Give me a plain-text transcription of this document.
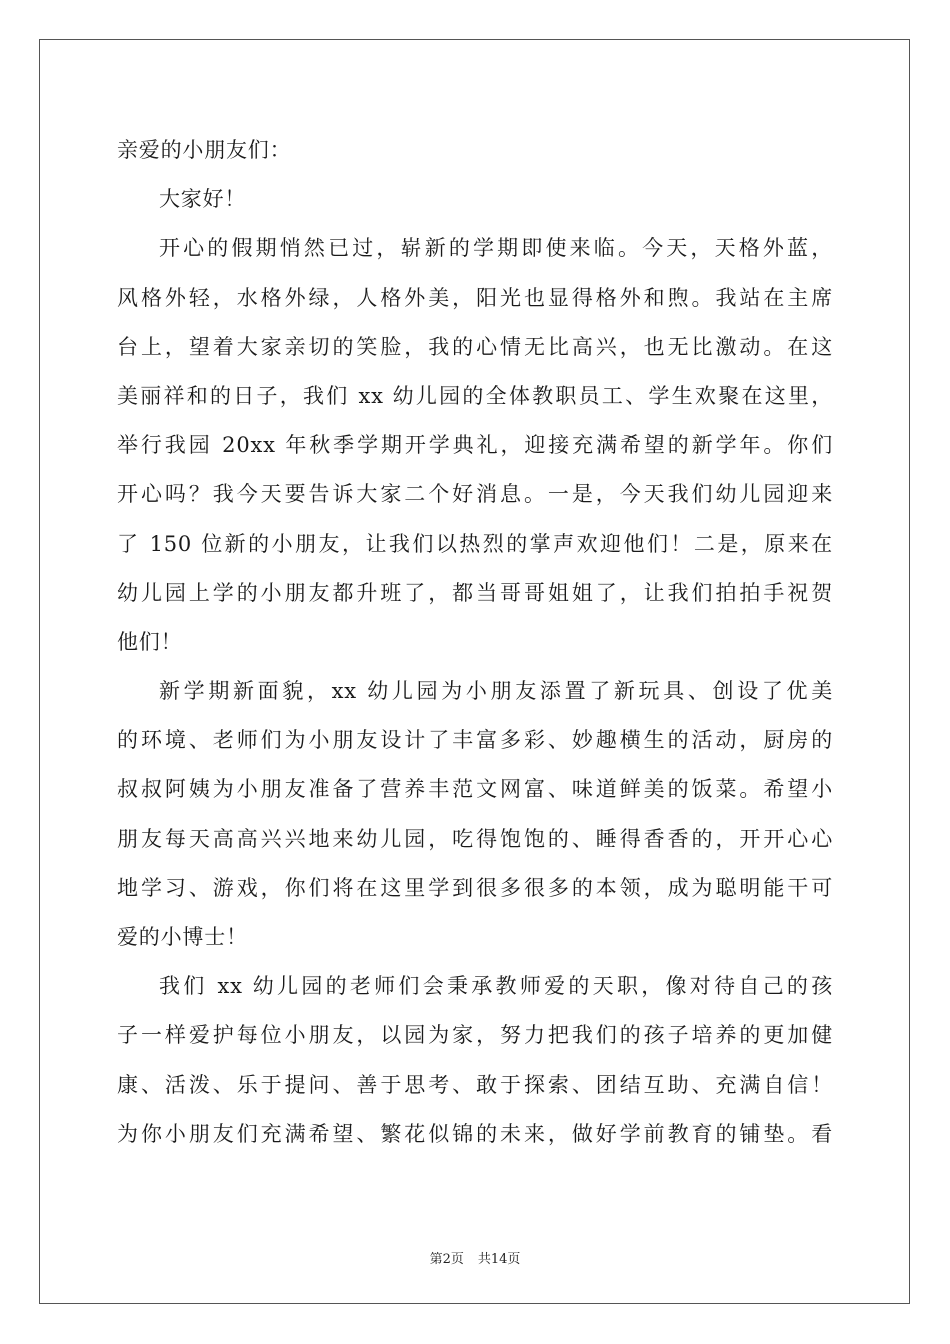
亲爱的小朋友们：
大家好！
开心的假期悄然已过，崭新的学期即使来临。今天，天格外蓝，
风格外轻，水格外绿，人格外美，阳光也显得格外和煦。我站在主席
台上，望着大家亲切的笑脸，我的心情无比高兴，也无比激动。在这
美丽祥和的日子，我们 xx 幼儿园的全体教职员工、学生欢聚在这里，
举行我园 20xx 年秋季学期开学典礼，迎接充满希望的新学年。你们
开心吗？我今天要告诉大家二个好消息。一是，今天我们幼儿园迎来
了 150 位新的小朋友，让我们以热烈的掌声欢迎他们！二是，原来在
幼儿园上学的小朋友都升班了，都当哥哥姐姐了，让我们拍拍手祝贺
他们！
新学期新面貌，xx 幼儿园为小朋友添置了新玩具、创设了优美
的环境、老师们为小朋友设计了丰富多彩、妙趣横生的活动，厨房的
叔叔阿姨为小朋友准备了营养丰范文网富、味道鲜美的饭菜。希望小
朋友每天高高兴兴地来幼儿园，吃得饱饱的、睡得香香的，开开心心
地学习、游戏，你们将在这里学到很多很多的本领，成为聪明能干可
爱的小博士！
我们 xx 幼儿园的老师们会秉承教师爱的天职，像对待自己的孩
子一样爱护每位小朋友，以园为家，努力把我们的孩子培养的更加健
康、活泼、乐于提问、善于思考、敢于探索、团结互助、充满自信！
为你小朋友们充满希望、繁花似锦的未来，做好学前教育的铺垫。看
第2页 共14页
